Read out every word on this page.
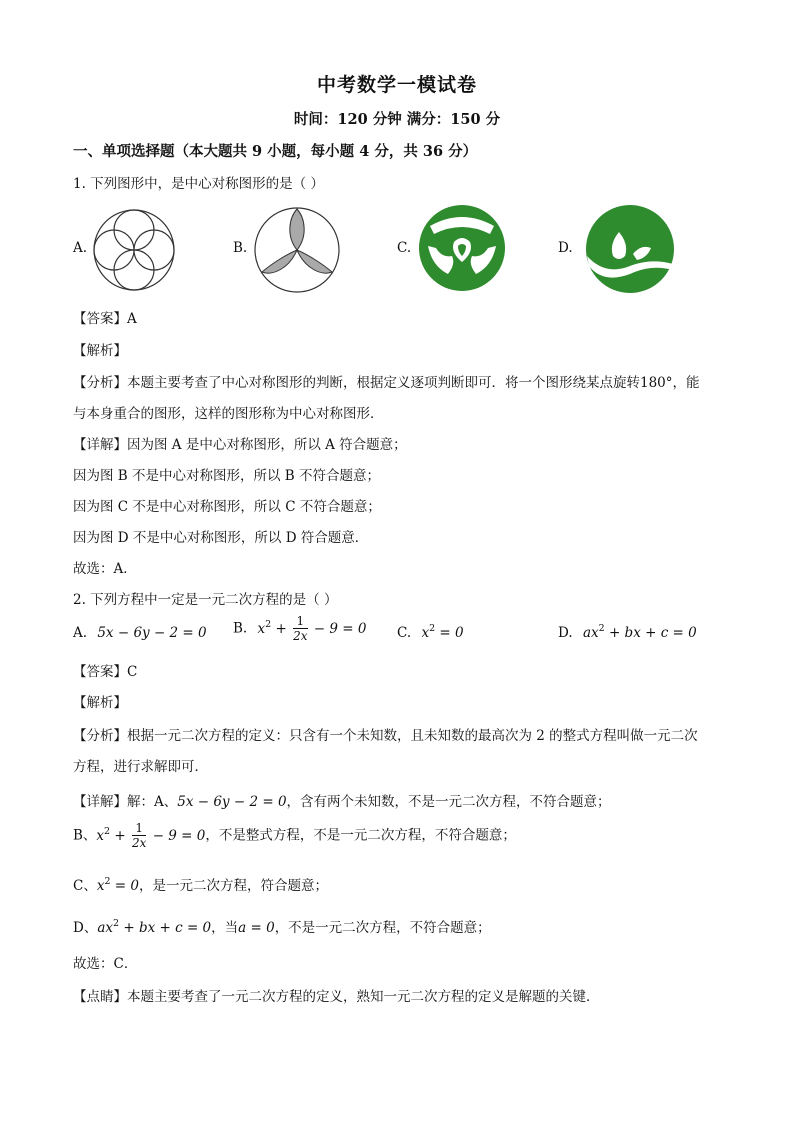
中考数学一模试卷
时间：120 分钟 满分：150 分
一、单项选择题（本大题共 9 小题，每小题 4 分，共 36 分）
1. 下列图形中，是中心对称图形的是（ ）
A.	B.	C.	D.
【答案】A
【解析】
【分析】本题主要考查了中心对称图形的判断，根据定义逐项判断即可．将一个图形绕某点旋转180°，能
与本身重合的图形，这样的图形称为中心对称图形．
【详解】因为图 A 是中心对称图形，所以 A 符合题意；
因为图 B 不是中心对称图形，所以 B 不符合题意；
因为图 C 不是中心对称图形，所以 C 不符合题意；
因为图 D 不是中心对称图形，所以 D 符合题意．
故选：A．
2. 下列方程中一定是一元二次方程的是（ ）
A. 5x − 6y − 2 = 0 B. $x^2 + \frac{1}{2x} - 9 = 0$ C. $x^2 = 0$	D. $ax^2$ + bx + c = 0
【答案】C
【解析】
【分析】根据一元二次方程的定义：只含有一个未知数，且未知数的最高次为 2 的整式方程叫做一元二次
方程，进行求解即可．
【详解】解：A、5x − 6y − 2 = 0，含有两个未知数，不是一元二次方程，不符合题意；
B、$x^2 + \frac{1}{2x} - 9 = 0$，不是整式方程，不是一元二次方程，不符合题意；
C、$x^2 = 0$，是一元二次方程，符合题意；
D、$ax^2$ + bx + c = 0，当a = 0，不是一元二次方程，不符合题意；
故选：C．
【点睛】本题主要考查了一元二次方程的定义，熟知一元二次方程的定义是解题的关键．
